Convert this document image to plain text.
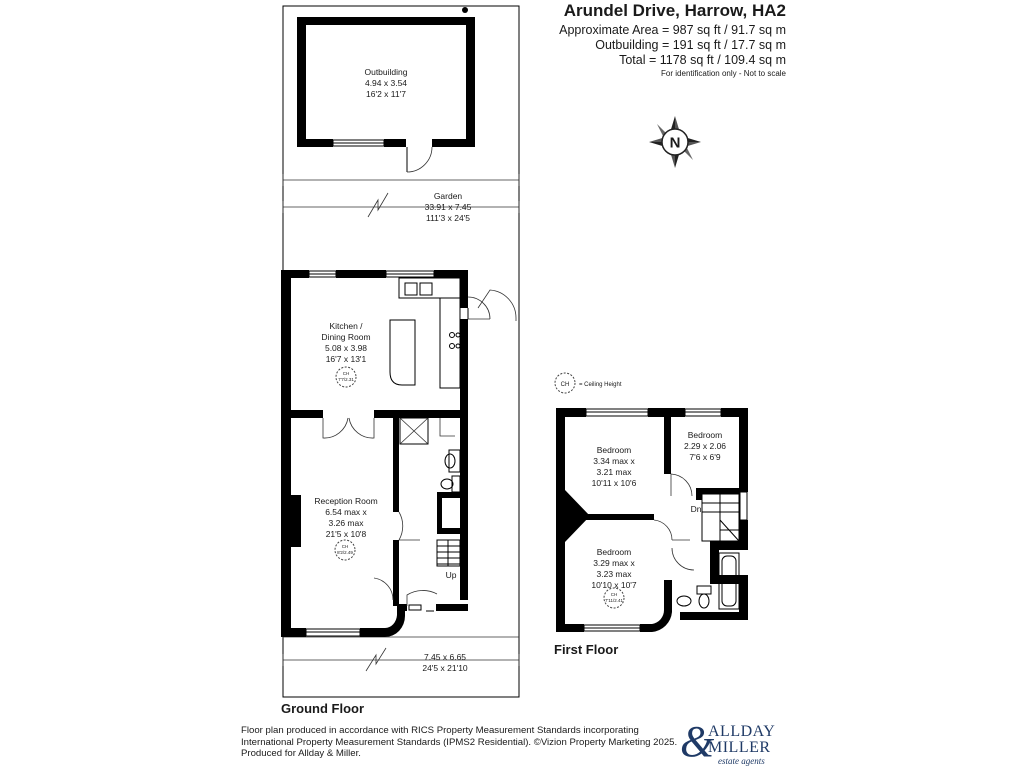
Arundel Drive, Harrow, HA2
Approximate Area = 987 sq ft / 91.7 sq m
Outbuilding = 191 sq ft / 17.7 sq m
Total = 1178 sq ft / 109.4 sq m
For identification only - Not to scale
N
CH = Ceiling Height
Outbuilding
4.94 x 3.54
16'2 x 11'7
Garden
33.91 x 7.45
111'3 x 24'5
Kitchen /
Dining Room
5.08 x 3.98
16'7 x 13'1
CH
7'7/2.31
Reception Room
6.54 max x
3.26 max
21'5 x 10'8
CH
8'2/2.49
Up
7.45 x 6.65
24'5 x 21'10
Bedroom
3.34 max x
3.21 max
10'11 x 10'6
Bedroom
2.29 x 2.06
7'6 x 6'9
Bedroom
3.29 max x
3.23 max
10'10 x 10'7
CH
7'11/2.41
Dn
Ground Floor
First Floor
Floor plan produced in accordance with RICS Property Measurement Standards incorporating
International Property Measurement Standards (IPMS2 Residential). ©Vizion Property Marketing 2025.
Produced for Allday & Miller.	&
ALLDAY
MILLER
estate agents
